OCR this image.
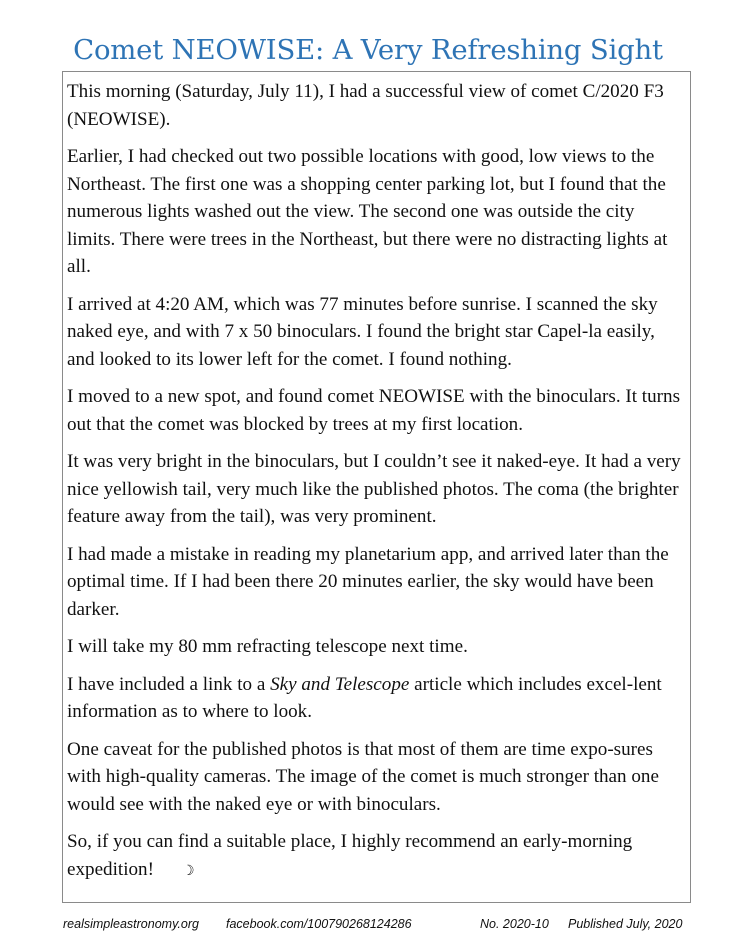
Comet NEOWISE: A Very Refreshing Sight

This morning (Saturday, July 11), I had a successful view of comet C/2020 F3 (NEOWISE).

Earlier, I had checked out two possible locations with good, low views to the Northeast. The first one was a shopping center parking lot, but I found that the numerous lights washed out the view. The second one was outside the city limits. There were trees in the Northeast, but there were no distracting lights at all.

I arrived at 4:20 AM, which was 77 minutes before sunrise. I scanned the sky naked eye, and with 7 x 50 binoculars. I found the bright star Capel-la easily, and looked to its lower left for the comet. I found nothing.

I moved to a new spot, and found comet NEOWISE with the binoculars. It turns out that the comet was blocked by trees at my first location.

It was very bright in the binoculars, but I couldn’t see it naked-eye. It had a very nice yellowish tail, very much like the published photos. The coma (the brighter feature away from the tail), was very prominent.

I had made a mistake in reading my planetarium app, and arrived later than the optimal time. If I had been there 20 minutes earlier, the sky would have been darker.

I will take my 80 mm refracting telescope next time.

I have included a link to a Sky and Telescope article which includes excel-lent information as to where to look.

One caveat for the published photos is that most of them are time expo-sures with high-quality cameras. The image of the comet is much stronger than one would see with the naked eye or with binoculars.

So, if you can find a suitable place, I highly recommend an early-morning expedition! ☽

realsimpleastronomy.org facebook.com/100790268124286	No. 2020-10 Published July, 2020
